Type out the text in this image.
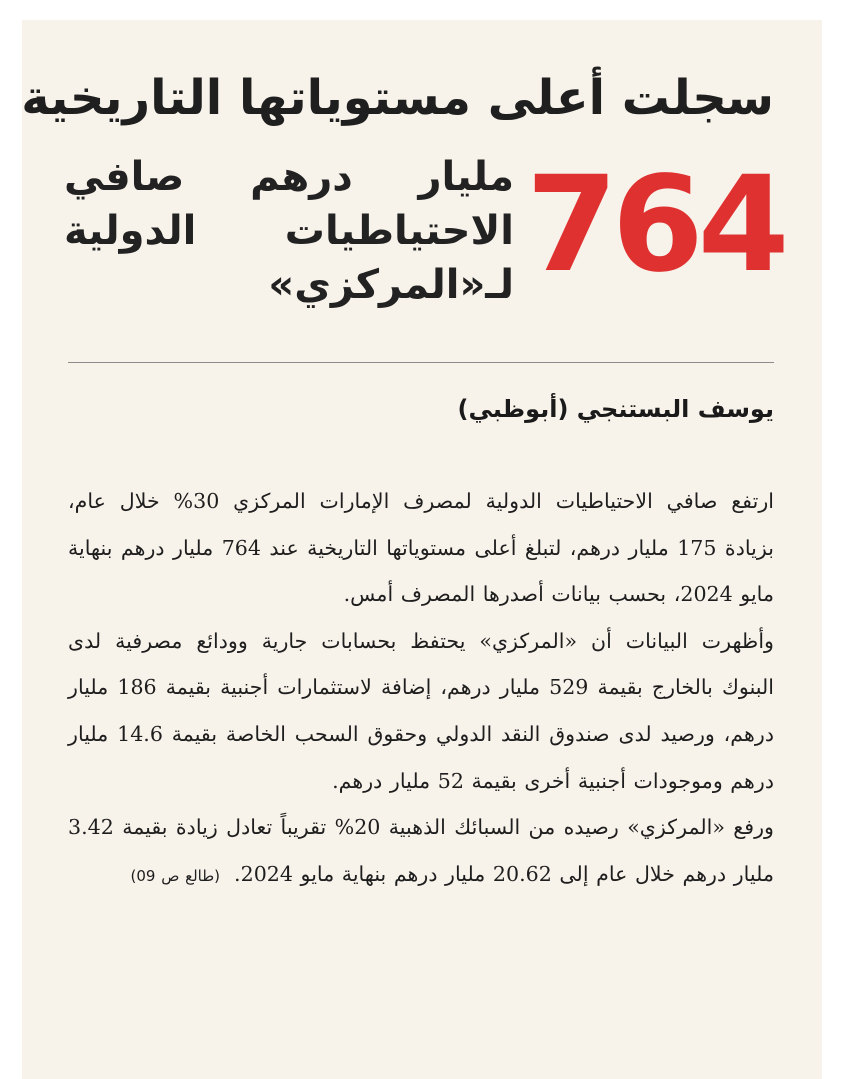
سجلت أعلى مستوياتها التاريخية
764
مليار درهم صافي
الاحتياطيات الدولية
لـ«المركزي»
يوسف البستنجي (أبوظبي)

ارتفع صافي الاحتياطيات الدولية لمصرف الإمارات المركزي 30% خلال عام، بزيادة 175 مليار درهم، لتبلغ أعلى مستوياتها التاريخية عند 764 مليار درهم بنهاية مايو 2024، بحسب بيانات أصدرها المصرف أمس.

وأظهرت البيانات أن «المركزي» يحتفظ بحسابات جارية وودائع مصرفية لدى البنوك بالخارج بقيمة 529 مليار درهم، إضافة لاستثمارات أجنبية بقيمة 186 مليار درهم، ورصيد لدى صندوق النقد الدولي وحقوق السحب الخاصة بقيمة 14.6 مليار درهم وموجودات أجنبية أخرى بقيمة 52 مليار درهم.

ورفع «المركزي» رصيده من السبائك الذهبية 20% تقريباً تعادل زيادة بقيمة 3.42 مليار درهم خلال عام إلى 20.62 مليار درهم بنهاية مايو 2024.(طالع ص 09)
